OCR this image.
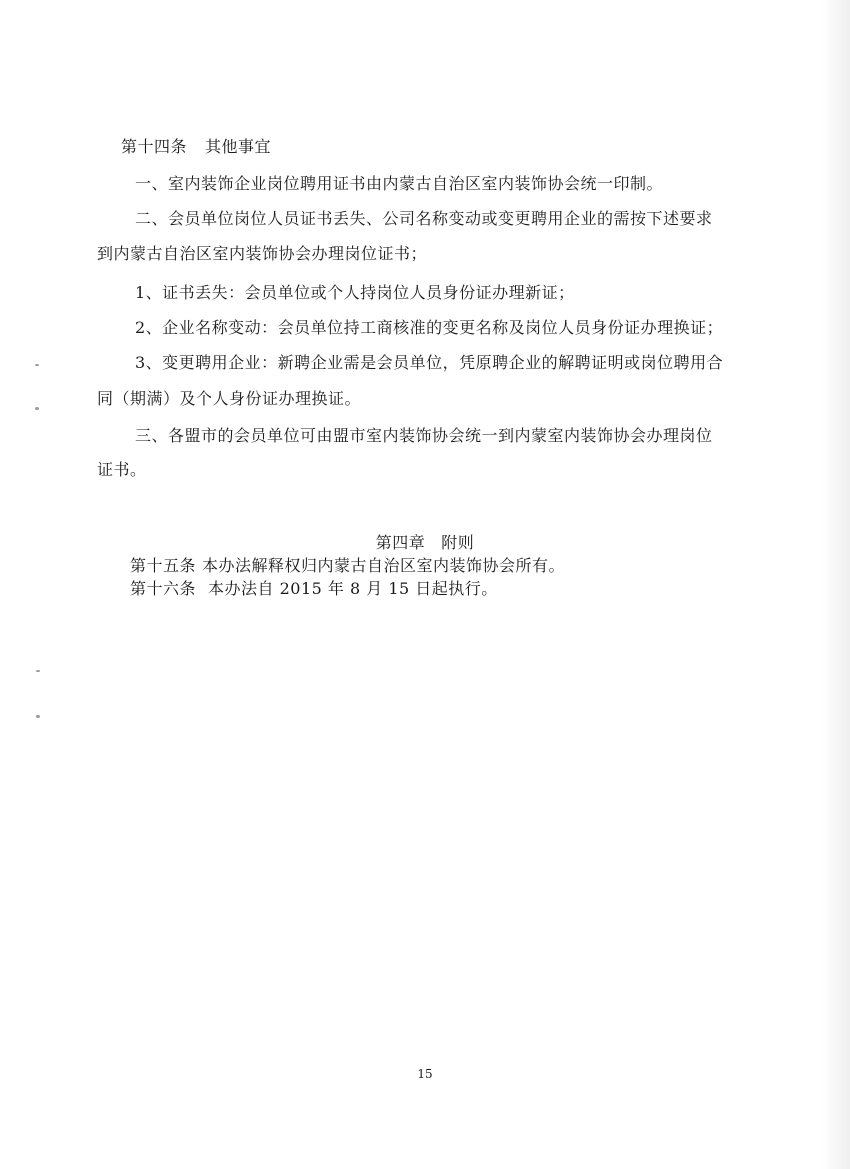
第十四条 其他事宜
一、室内装饰企业岗位聘用证书由内蒙古自治区室内装饰协会统一印制。
二、会员单位岗位人员证书丢失、公司名称变动或变更聘用企业的需按下述要求
到内蒙古自治区室内装饰协会办理岗位证书；
1、证书丢失：会员单位或个人持岗位人员身份证办理新证；
2、企业名称变动：会员单位持工商核准的变更名称及岗位人员身份证办理换证；
3、变更聘用企业：新聘企业需是会员单位，凭原聘企业的解聘证明或岗位聘用合
同（期满）及个人身份证办理换证。
三、各盟市的会员单位可由盟市室内装饰协会统一到内蒙室内装饰协会办理岗位
证书。
第四章 附则
第十五条 本办法解释权归内蒙古自治区室内装饰协会所有。
第十六条 本办法自 2015 年 8 月 15 日起执行。
15
